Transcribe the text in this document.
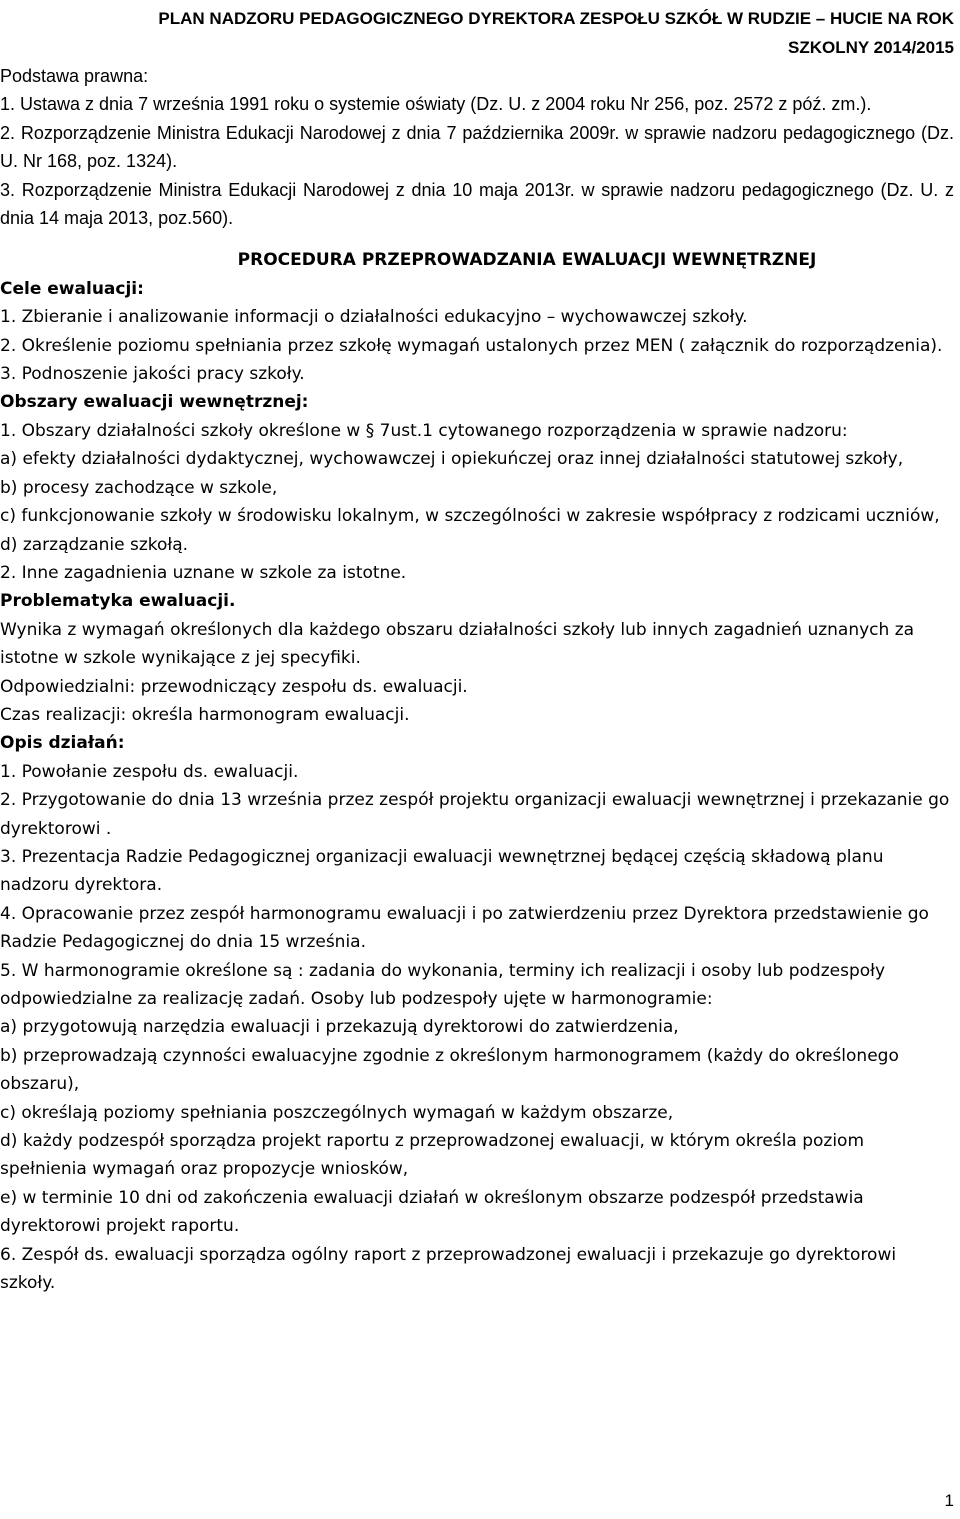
PLAN NADZORU PEDAGOGICZNEGO DYREKTORA ZESPOŁU SZKÓŁ W RUDZIE – HUCIE NA ROK
SZKOLNY 2014/2015

Podstawa prawna:

1. Ustawa z dnia 7 września 1991 roku o systemie oświaty (Dz. U. z 2004 roku Nr 256, poz. 2572 z póź. zm.).

2. Rozporządzenie Ministra Edukacji Narodowej z dnia 7 października 2009r. w sprawie nadzoru pedagogicznego (Dz. U. Nr 168, poz. 1324).

3. Rozporządzenie Ministra Edukacji Narodowej z dnia 10 maja 2013r. w sprawie nadzoru pedagogicznego (Dz. U. z dnia 14 maja 2013, poz.560).

PROCEDURA PRZEPROWADZANIA EWALUACJI WEWNĘTRZNEJ

Cele ewaluacji:

1. Zbieranie i analizowanie informacji o działalności edukacyjno – wychowawczej szkoły.

2. Określenie poziomu spełniania przez szkołę wymagań ustalonych przez MEN ( załącznik do rozporządzenia).

3. Podnoszenie jakości pracy szkoły.

Obszary ewaluacji wewnętrznej:

1. Obszary działalności szkoły określone w § 7ust.1 cytowanego rozporządzenia w sprawie nadzoru:

a) efekty działalności dydaktycznej, wychowawczej i opiekuńczej oraz innej działalności statutowej szkoły,

b) procesy zachodzące w szkole,

c) funkcjonowanie szkoły w środowisku lokalnym, w szczególności w zakresie współpracy z rodzicami uczniów,

d) zarządzanie szkołą.

2. Inne zagadnienia uznane w szkole za istotne.

Problematyka ewaluacji.

Wynika z wymagań określonych dla każdego obszaru działalności szkoły lub innych zagadnień uznanych za istotne w szkole wynikające z jej specyfiki.

Odpowiedzialni: przewodniczący zespołu ds. ewaluacji.

Czas realizacji: określa harmonogram ewaluacji.

Opis działań:

1. Powołanie zespołu ds. ewaluacji.

2. Przygotowanie do dnia 13 września przez zespół projektu organizacji ewaluacji wewnętrznej i przekazanie go dyrektorowi .

3. Prezentacja Radzie Pedagogicznej organizacji ewaluacji wewnętrznej będącej częścią składową planu nadzoru dyrektora.

4. Opracowanie przez zespół harmonogramu ewaluacji i po zatwierdzeniu przez Dyrektora przedstawienie go Radzie Pedagogicznej do dnia 15 września.

5. W harmonogramie określone są : zadania do wykonania, terminy ich realizacji i osoby lub podzespoły odpowiedzialne za realizację zadań. Osoby lub podzespoły ujęte w harmonogramie:

a) przygotowują narzędzia ewaluacji i przekazują dyrektorowi do zatwierdzenia,

b) przeprowadzają czynności ewaluacyjne zgodnie z określonym harmonogramem (każdy do określonego obszaru),

c) określają poziomy spełniania poszczególnych wymagań w każdym obszarze,

d) każdy podzespół sporządza projekt raportu z przeprowadzonej ewaluacji, w którym określa poziom spełnienia wymagań oraz propozycje wniosków,

e) w terminie 10 dni od zakończenia ewaluacji działań w określonym obszarze podzespół przedstawia dyrektorowi projekt raportu.

6. Zespół ds. ewaluacji sporządza ogólny raport z przeprowadzonej ewaluacji i przekazuje go dyrektorowi szkoły.

1
